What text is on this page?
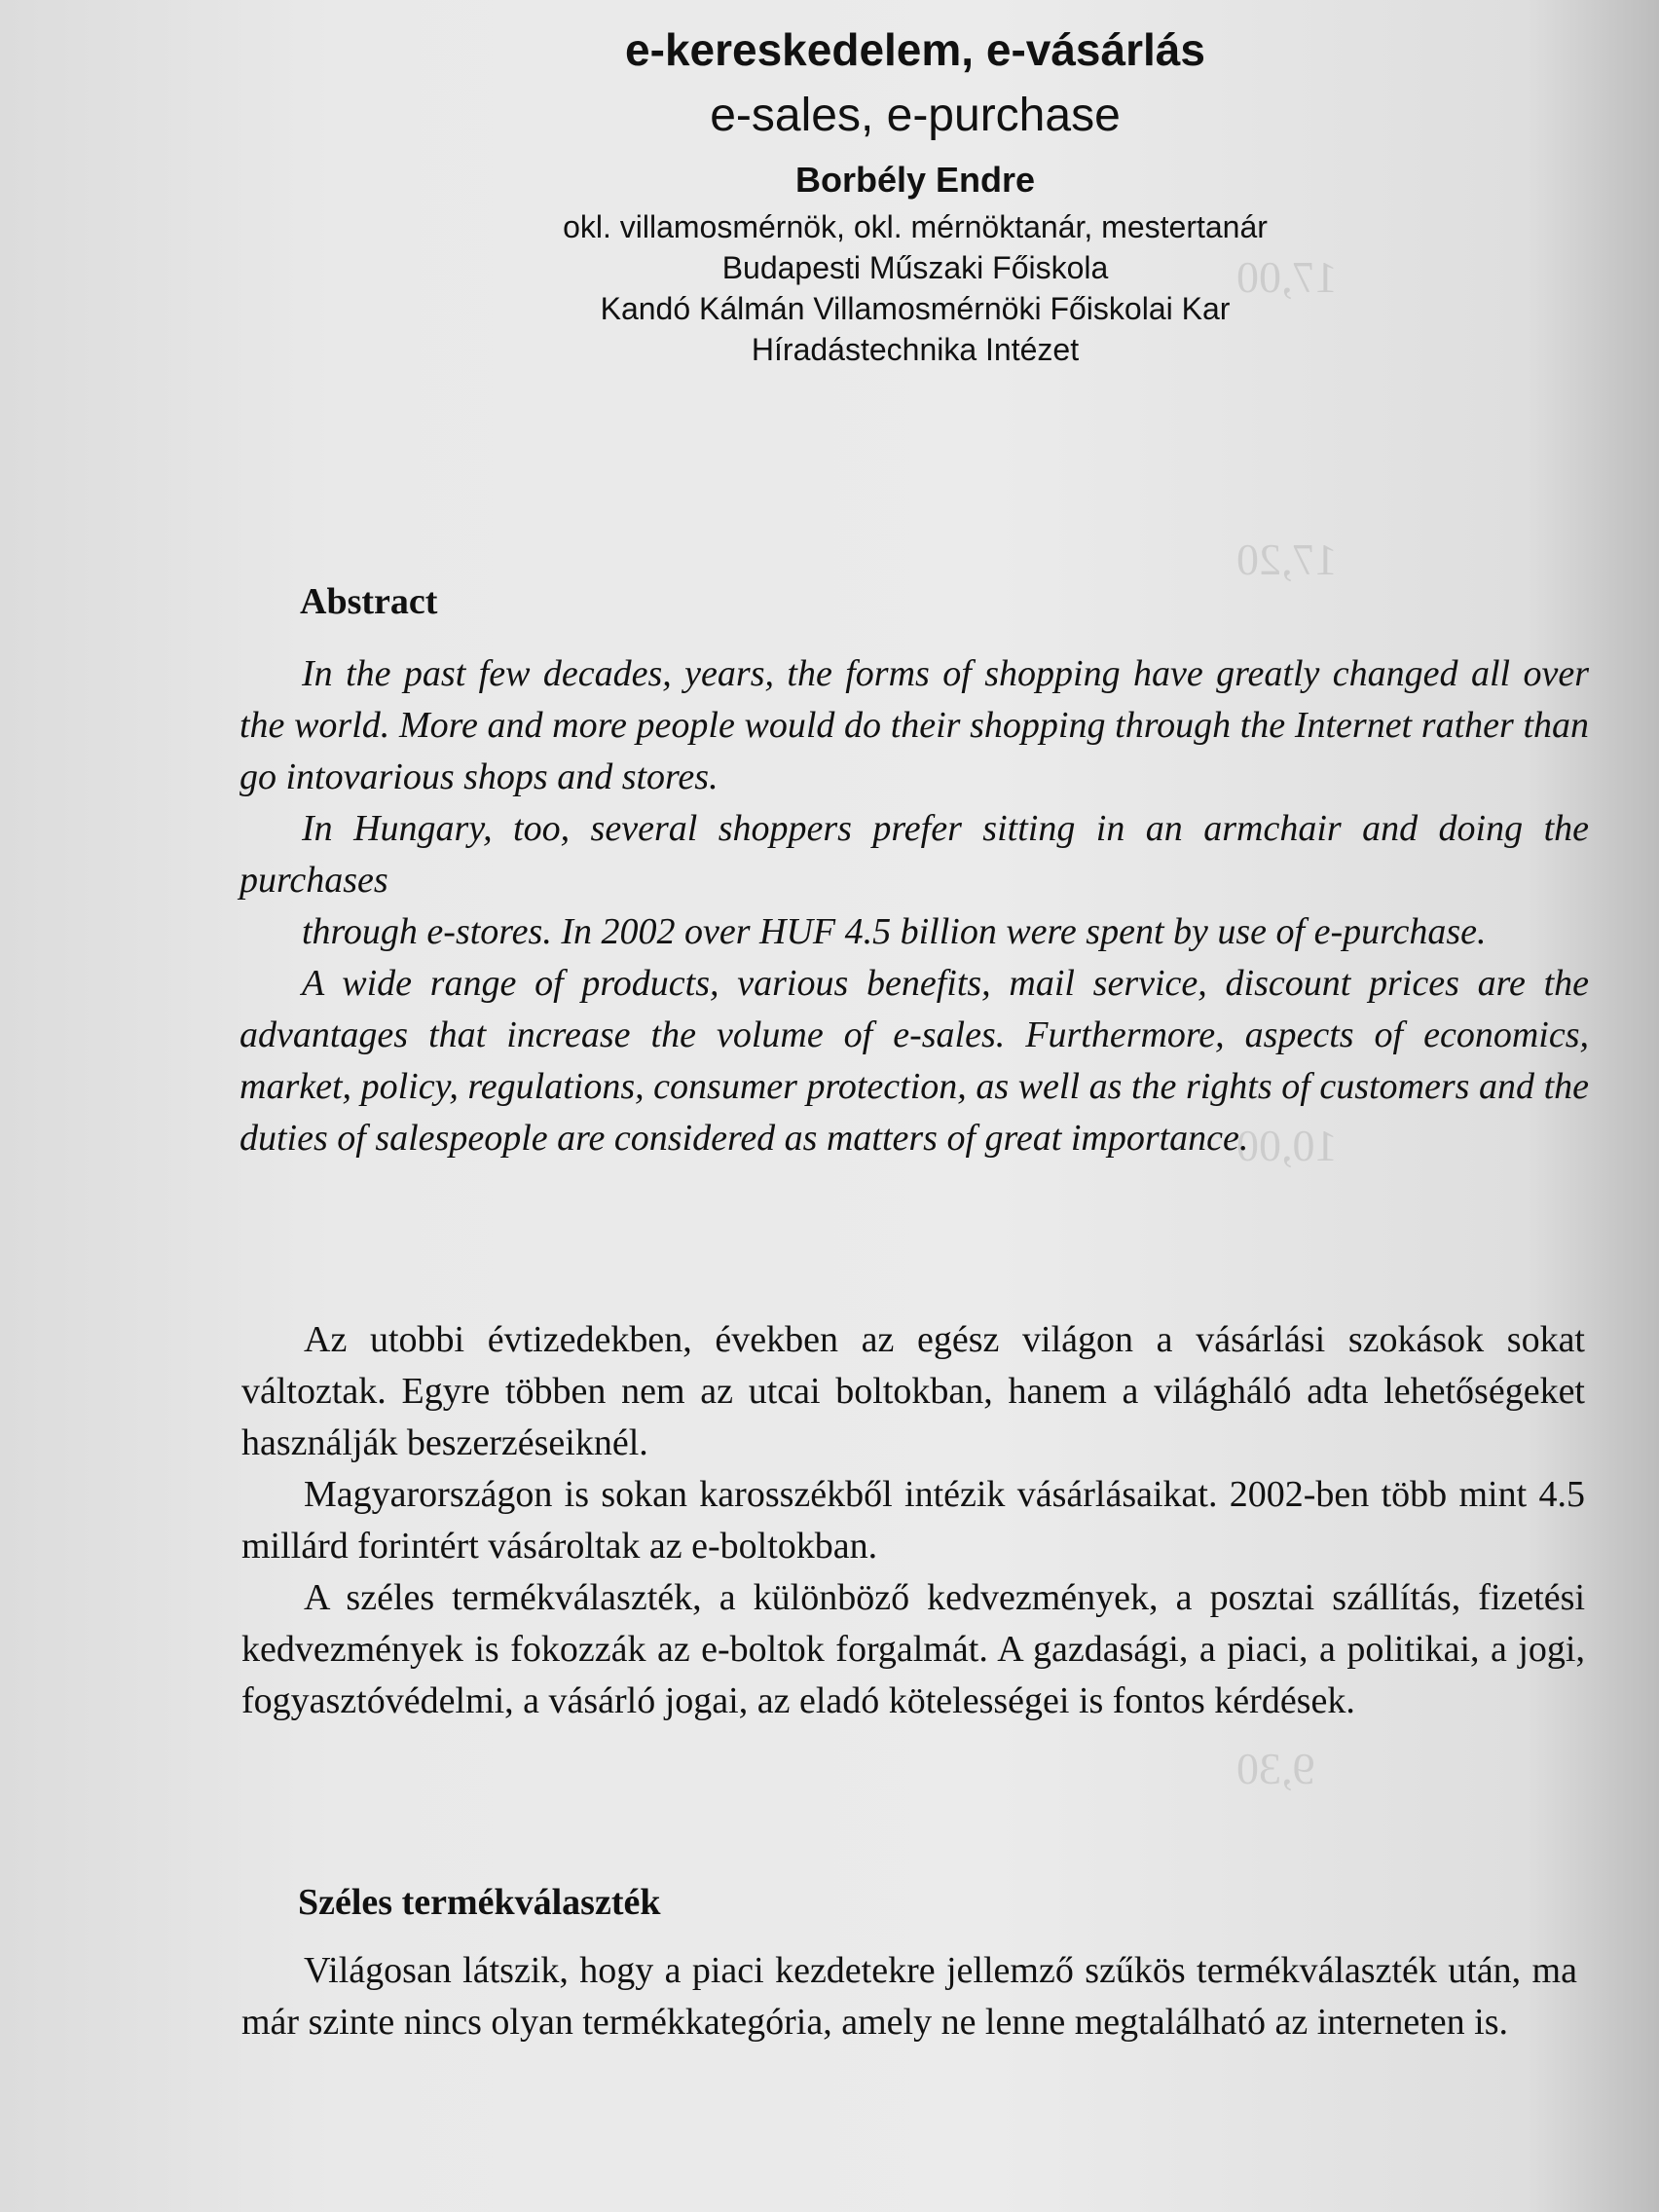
17,00
17,20
10,00
9,30
e-kereskedelem, e-vásárlás
e-sales, e-purchase
Borbély Endre
okl. villamosmérnök, okl. mérnöktanár, mestertanár
Budapesti Műszaki Főiskola
Kandó Kálmán Villamosmérnöki Főiskolai Kar
Híradástechnika Intézet
Abstract
In the past few decades, years, the forms of shopping have greatly changed all over the world. More and more people would do their shopping through the Internet rather than go intovarious shops and stores.
In Hungary, too, several shoppers prefer sitting in an armchair and doing the purchases
through e-stores. In 2002 over HUF 4.5 billion were spent by use of e-purchase.
A wide range of products, various benefits, mail service, discount prices are the advantages that increase the volume of e-sales. Furthermore, aspects of economics, market, policy, regulations, consumer protection, as well as the rights of customers and the duties of salespeople are considered as matters of great importance.
Az utobbi évtizedekben, években az egész világon a vásárlási szokások sokat változtak. Egyre többen nem az utcai boltokban, hanem a világháló adta lehetőségeket használják beszerzéseiknél.
Magyarországon is sokan karosszékből intézik vásárlásaikat. 2002-ben több mint 4.5 millárd forintért vásároltak az e-boltokban.
A széles termékválaszték, a különböző kedvezmények, a posztai szállítás, fizetési kedvezmények is fokozzák az e-boltok forgalmát. A gazdasági, a piaci, a politikai, a jogi, fogyasztóvédelmi, a vásárló jogai, az eladó kötelességei is fontos kérdések.
Széles termékválaszték
Világosan látszik, hogy a piaci kezdetekre jellemző szűkös termékválaszték után, ma már szinte nincs olyan termékkategória, amely ne lenne megtalálható az interneten is.
